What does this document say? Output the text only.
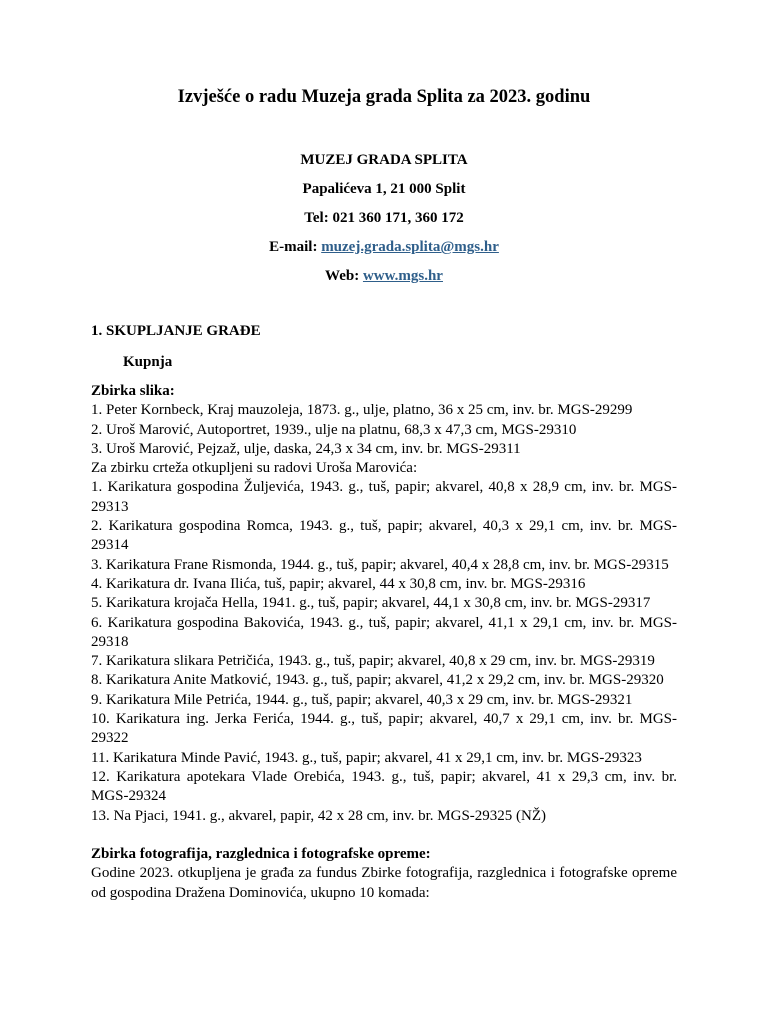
Izvješće o radu Muzeja grada Splita za 2023. godinu
MUZEJ GRADA SPLITA
Papalićeva 1, 21 000 Split
Tel: 021 360 171, 360 172
E-mail: muzej.grada.splita@mgs.hr
Web: www.mgs.hr
1. SKUPLJANJE GRAĐE
Kupnja
Zbirka slika:
1. Peter Kornbeck, Kraj mauzoleja, 1873. g., ulje, platno, 36 x 25 cm, inv. br. MGS-29299
2. Uroš Marović, Autoportret, 1939., ulje na platnu, 68,3 x 47,3 cm, MGS-29310
3. Uroš Marović, Pejzaž, ulje, daska, 24,3 x 34 cm, inv. br. MGS-29311
Za zbirku crteža otkupljeni su radovi Uroša Marovića:
1. Karikatura gospodina Žuljevića, 1943. g., tuš, papir; akvarel, 40,8 x 28,9 cm, inv. br. MGS-
29313
2. Karikatura gospodina Romca, 1943. g., tuš, papir; akvarel, 40,3 x 29,1 cm, inv. br. MGS-
29314
3. Karikatura Frane Rismonda, 1944. g., tuš, papir; akvarel, 40,4 x 28,8 cm, inv. br. MGS-29315
4. Karikatura dr. Ivana Ilića, tuš, papir; akvarel, 44 x 30,8 cm, inv. br. MGS-29316
5. Karikatura krojača Hella, 1941. g., tuš, papir; akvarel, 44,1 x 30,8 cm, inv. br. MGS-29317
6. Karikatura gospodina Bakovića, 1943. g., tuš, papir; akvarel, 41,1 x 29,1 cm, inv. br. MGS-
29318
7. Karikatura slikara Petričića, 1943. g., tuš, papir; akvarel, 40,8 x 29 cm, inv. br. MGS-29319
8. Karikatura Anite Matković, 1943. g., tuš, papir; akvarel, 41,2 x 29,2 cm, inv. br. MGS-29320
9. Karikatura Mile Petrića, 1944. g., tuš, papir; akvarel, 40,3 x 29 cm, inv. br. MGS-29321
10. Karikatura ing. Jerka Ferića, 1944. g., tuš, papir; akvarel, 40,7 x 29,1 cm, inv. br. MGS-
29322
11. Karikatura Minde Pavić, 1943. g., tuš, papir; akvarel, 41 x 29,1 cm, inv. br. MGS-29323
12. Karikatura apotekara Vlade Orebića, 1943. g., tuš, papir; akvarel, 41 x 29,3 cm, inv. br.
MGS-29324
13. Na Pjaci, 1941. g., akvarel, papir, 42 x 28 cm, inv. br. MGS-29325 (NŽ)
Zbirka fotografija, razglednica i fotografske opreme:
Godine 2023. otkupljena je građa za fundus Zbirke fotografija, razglednica i fotografske opreme
od gospodina Dražena Dominovića, ukupno 10 komada:
